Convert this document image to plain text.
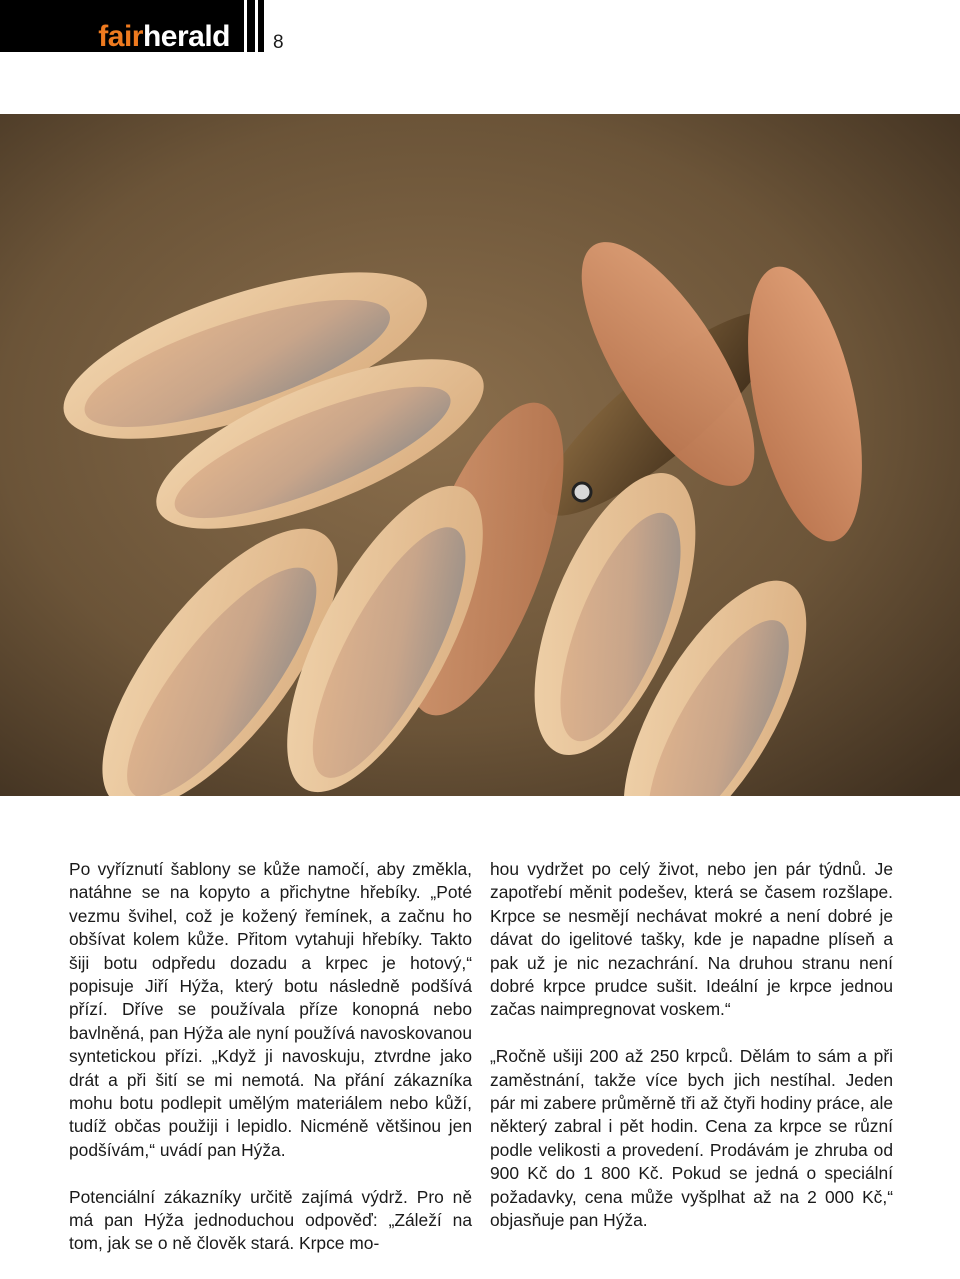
fairherald 8

Po vyříznutí šablony se kůže namočí, aby změkla, natáhne se na kopyto a přichytne hřebíky. „Poté vezmu švihel, což je kožený řemínek, a začnu ho obšívat kolem kůže. Přitom vytahuji hřebíky. Takto šiji botu odpředu dozadu a krpec je hotový,“ popisuje Jiří Hýža, který botu následně podšívá přízí. Dříve se používala příze konopná nebo bavlněná, pan Hýža ale nyní používá navoskovanou syntetickou přízi. „Když ji navoskuju, ztvrdne jako drát a při šití se mi nemotá. Na přání zákazníka mohu botu podlepit umělým materiálem nebo kůží, tudíž občas použiji i lepidlo. Nicméně většinou jen podšívám,“ uvádí pan Hýža.

Potenciální zákazníky určitě zajímá výdrž. Pro ně má pan Hýža jednoduchou odpověď: „Záleží na tom, jak se o ně člověk stará. Krpce mo-

hou vydržet po celý život, nebo jen pár týdnů. Je zapotřebí měnit podešev, která se časem rozšlape. Krpce se nesmějí nechávat mokré a není dobré je dávat do igelitové tašky, kde je napadne plíseň a pak už je nic nezachrání. Na druhou stranu není dobré krpce prudce sušit. Ideální je krpce jednou začas naimpregnovat voskem.“

„Ročně ušiji 200 až 250 krpců. Dělám to sám a při zaměstnání, takže více bych jich nestíhal. Jeden pár mi zabere průměrně tři až čtyři hodiny práce, ale některý zabral i pět hodin. Cena za krpce se různí podle velikosti a provedení. Prodávám je zhruba od 900 Kč do 1 800 Kč. Pokud se jedná o speciální požadavky, cena může vyšplhat až na 2 000 Kč,“ objasňuje pan Hýža.
